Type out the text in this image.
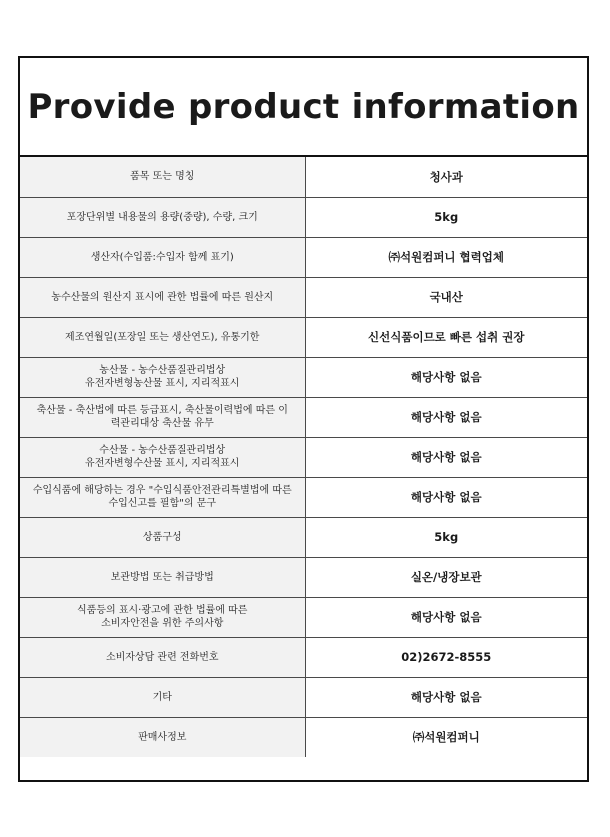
Provide product information
품목 또는 명칭	청사과
포장단위별 내용물의 용량(중량), 수량, 크기	5kg
생산자(수입품:수입자 함께 표기)	㈜석원컴퍼니 협력업체
농수산물의 원산지 표시에 관한 법률에 따른 원산지	국내산
제조연월일(포장일 또는 생산연도), 유통기한	신선식품이므로 빠른 섭취 권장
농산물 - 농수산품질관리법상
유전자변형농산물 표시, 지리적표시	해당사항 없음
축산물 - 축산법에 따른 등급표시, 축산물이력법에 따른 이
력관리대상 축산물 유무	해당사항 없음
수산물 - 농수산품질관리법상
유전자변형수산물 표시, 지리적표시	해당사항 없음
수입식품에 해당하는 경우 "수입식품안전관리특별법에 따른
수입신고를 필함"의 문구	해당사항 없음
상품구성	5kg
보관방법 또는 취급방법	실온/냉장보관
식품등의 표시·광고에 관한 법률에 따른
소비자안전을 위한 주의사항	해당사항 없음
소비자상담 관련 전화번호	02)2672-8555
기타	해당사항 없음
판매사정보	㈜석원컴퍼니
